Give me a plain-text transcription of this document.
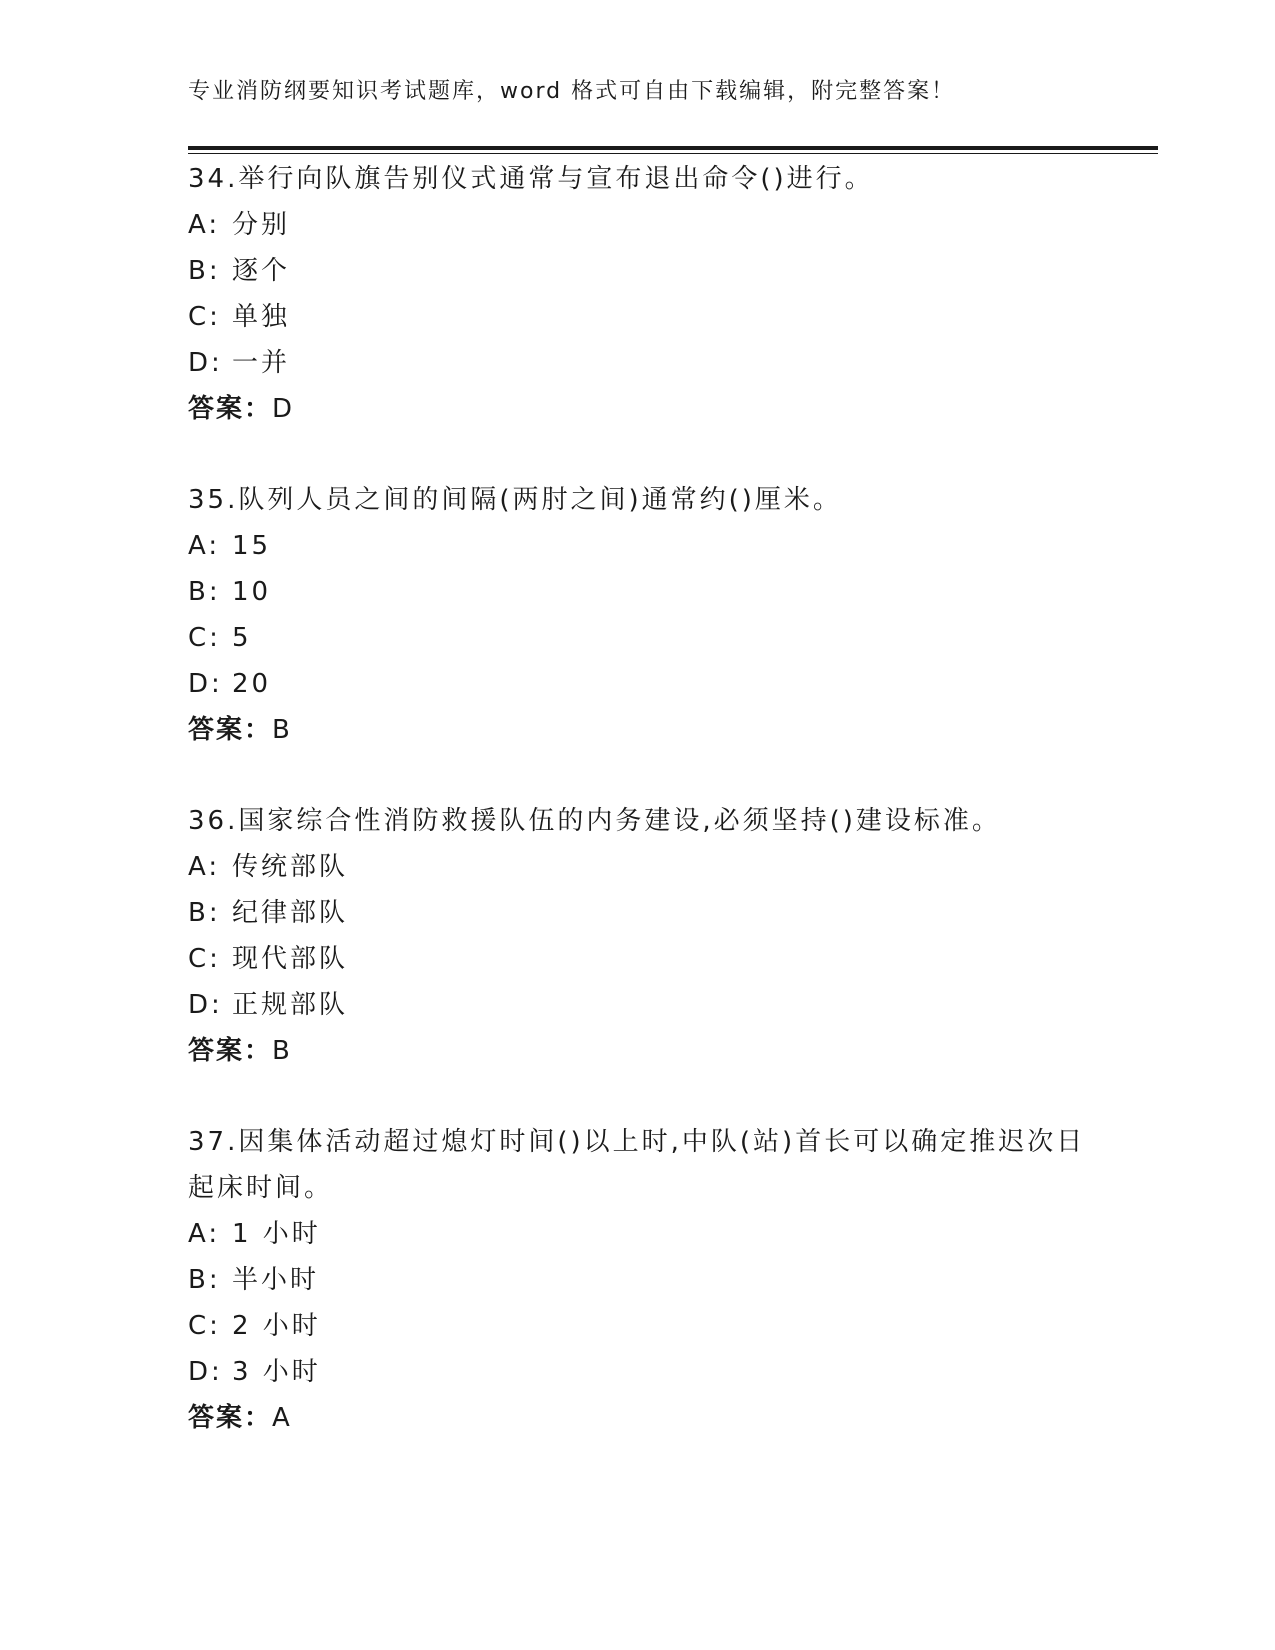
专业消防纲要知识考试题库，word 格式可自由下载编辑，附完整答案！
34.举行向队旗告别仪式通常与宣布退出命令()进行。
A: 分别
B: 逐个
C: 单独
D: 一并
答案：D
35.队列人员之间的间隔(两肘之间)通常约()厘米。
A: 15
B: 10
C: 5
D: 20
答案：B
36.国家综合性消防救援队伍的内务建设,必须坚持()建设标准。
A: 传统部队
B: 纪律部队
C: 现代部队
D: 正规部队
答案：B
37.因集体活动超过熄灯时间()以上时,中队(站)首长可以确定推迟次日起床时间。
A: 1 小时
B: 半小时
C: 2 小时
D: 3 小时
答案：A
